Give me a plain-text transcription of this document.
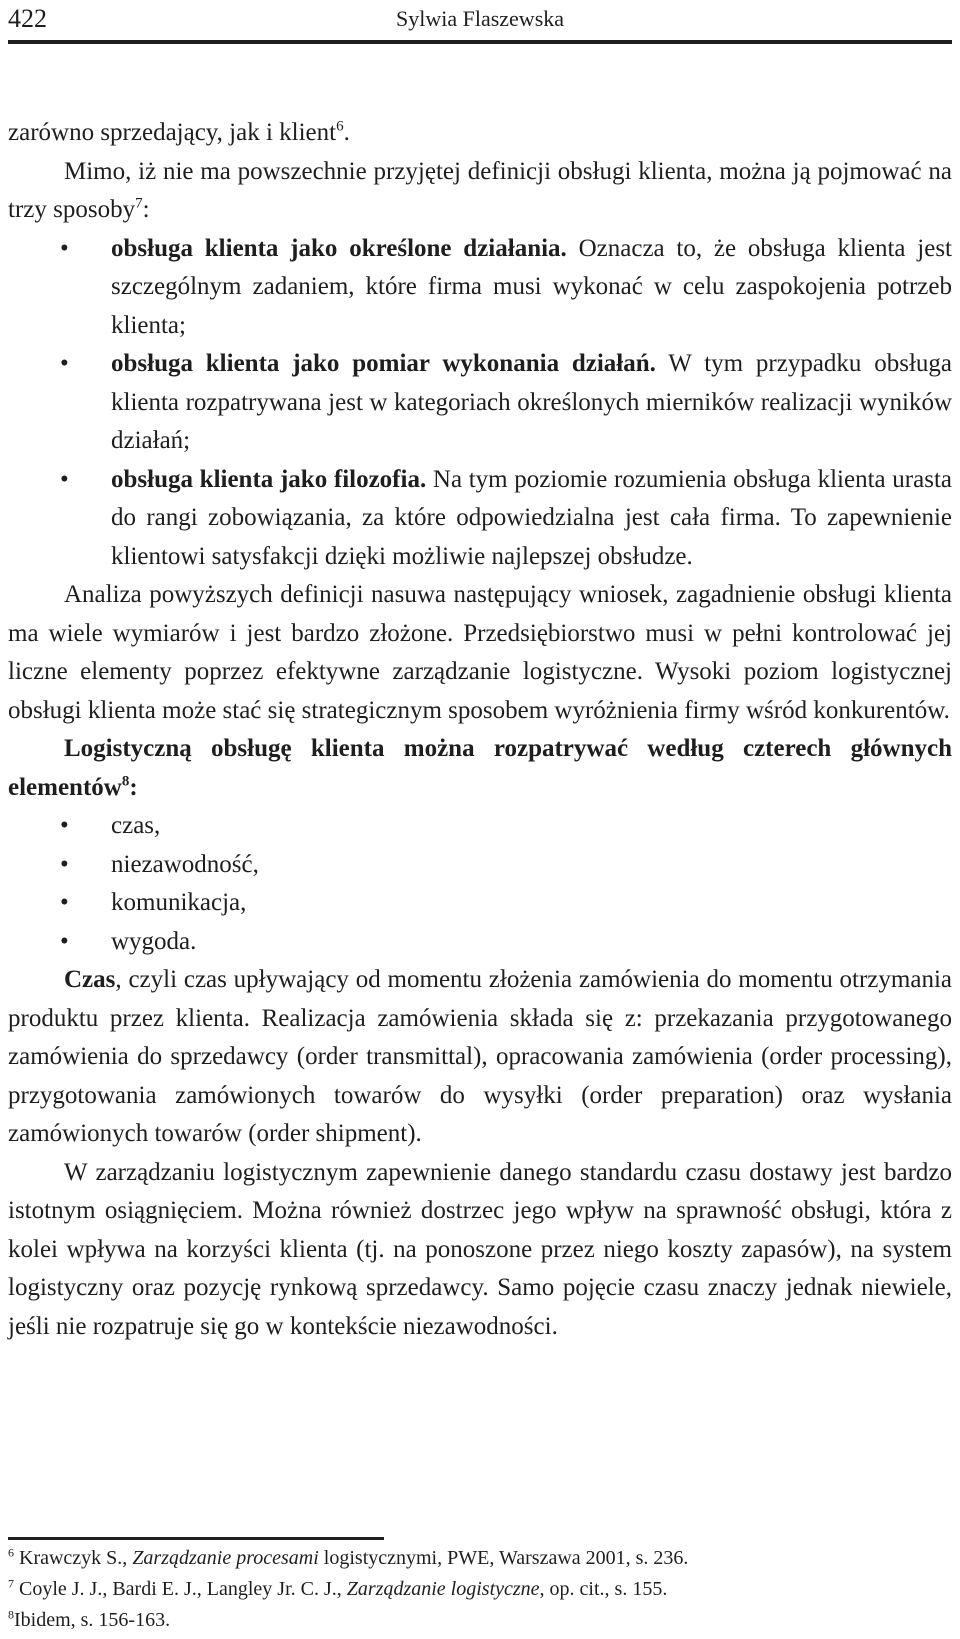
422	Sylwia Flaszewska

zarówno sprzedający, jak i klient$^6$.

Mimo, iż nie ma powszechnie przyjętej definicji obsługi klienta, można ją pojmować na trzy sposoby$^7$:

• obsługa klienta jako określone działania. Oznacza to, że obsługa klienta jest szczególnym zadaniem, które firma musi wykonać w celu zaspokojenia potrzeb klienta;
• obsługa klienta jako pomiar wykonania działań. W tym przypadku obsługa klienta rozpatrywana jest w kategoriach określonych mierników realizacji wyników działań;
• obsługa klienta jako filozofia. Na tym poziomie rozumienia obsługa klienta urasta do rangi zobowiązania, za które odpowiedzialna jest cała firma. To zapewnienie klientowi satysfakcji dzięki możliwie najlepszej obsłudze.

Analiza powyższych definicji nasuwa następujący wniosek, zagadnienie obsługi klienta ma wiele wymiarów i jest bardzo złożone. Przedsiębiorstwo musi w pełni kontrolować jej liczne elementy poprzez efektywne zarządzanie logistyczne. Wysoki poziom logistycznej obsługi klienta może stać się strategicznym sposobem wyróżnienia firmy wśród konkurentów.

Logistyczną obsługę klienta można rozpatrywać według czterech głównych elementów$^8$:

• czas,
• niezawodność,
• komunikacja,
• wygoda.

Czas, czyli czas upływający od momentu złożenia zamówienia do momentu otrzymania produktu przez klienta. Realizacja zamówienia składa się z: przekazania przygotowanego zamówienia do sprzedawcy (order transmittal), opracowania zamówienia (order processing), przygotowania zamówionych towarów do wysyłki (order preparation) oraz wysłania zamówionych towarów (order shipment).

W zarządzaniu logistycznym zapewnienie danego standardu czasu dostawy jest bardzo istotnym osiągnięciem. Można również dostrzec jego wpływ na sprawność obsługi, która z kolei wpływa na korzyści klienta (tj. na ponoszone przez niego koszty zapasów), na system logistyczny oraz pozycję rynkową sprzedawcy. Samo pojęcie czasu znaczy jednak niewiele, jeśli nie rozpatruje się go w kontekście niezawodności.

$^6$ Krawczyk S., Zarządzanie procesami logistycznymi, PWE, Warszawa 2001, s. 236.

$^7$ Coyle J. J., Bardi E. J., Langley Jr. C. J., Zarządzanie logistyczne, op. cit., s. 155.

$^8$Ibidem, s. 156-163.
